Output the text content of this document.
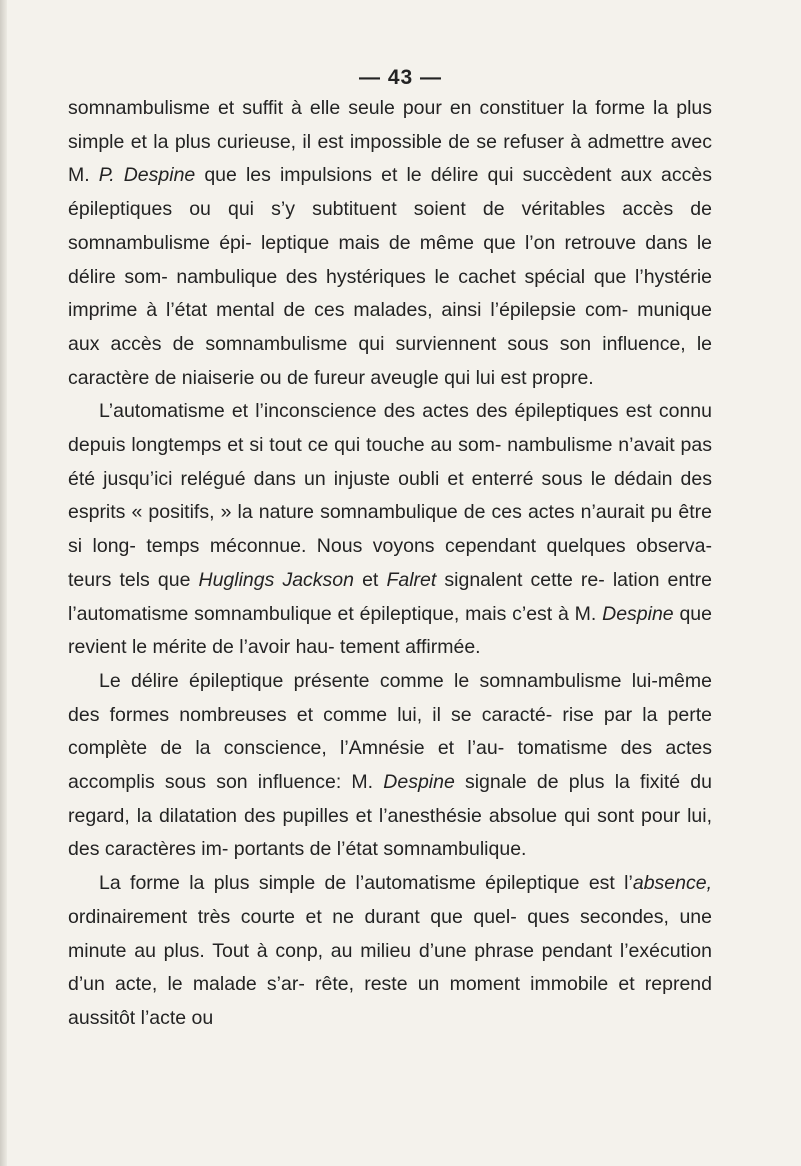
— 43 —

somnambulisme et suffit à elle seule pour en constituer la forme la plus simple et la plus curieuse, il est impossible de se refuser à admettre avec M. P. Despine que les impulsions et le délire qui succèdent aux accès épileptiques ou qui s’y subtituent soient de véritables accès de somnambulisme épi- leptique mais de même que l’on retrouve dans le délire som- nambulique des hystériques le cachet spécial que l’hystérie imprime à l’état mental de ces malades, ainsi l’épilepsie com- munique aux accès de somnambulisme qui surviennent sous son influence, le caractère de niaiserie ou de fureur aveugle qui lui est propre.

L’automatisme et l’inconscience des actes des épileptiques est connu depuis longtemps et si tout ce qui touche au som- nambulisme n’avait pas été jusqu’ici relégué dans un injuste oubli et enterré sous le dédain des esprits « positifs, » la nature somnambulique de ces actes n’aurait pu être si long- temps méconnue. Nous voyons cependant quelques observa- teurs tels que Huglings Jackson et Falret signalent cette re- lation entre l’automatisme somnambulique et épileptique, mais c’est à M. Despine que revient le mérite de l’avoir hau- tement affirmée.

Le délire épileptique présente comme le somnambulisme lui-même des formes nombreuses et comme lui, il se caracté- rise par la perte complète de la conscience, l’Amnésie et l’au- tomatisme des actes accomplis sous son influence: M. Despine signale de plus la fixité du regard, la dilatation des pupilles et l’anesthésie absolue qui sont pour lui, des caractères im- portants de l’état somnambulique.

La forme la plus simple de l’automatisme épileptique est l’absence, ordinairement très courte et ne durant que quel- ques secondes, une minute au plus. Tout à conp, au milieu d’une phrase pendant l’exécution d’un acte, le malade s’ar- rête, reste un moment immobile et reprend aussitôt l’acte ou
